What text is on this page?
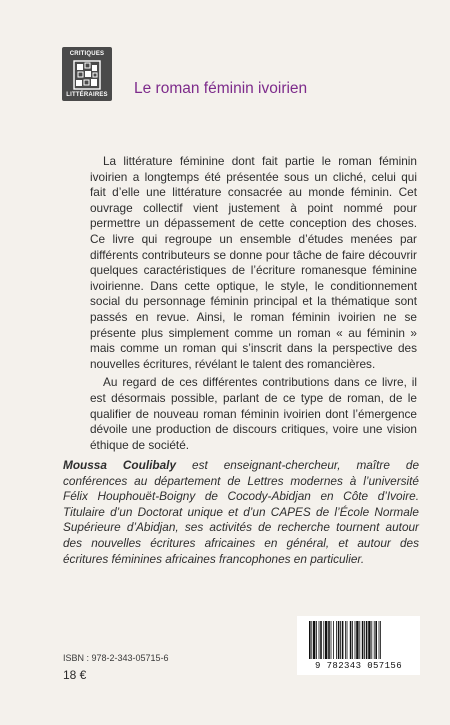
CRITIQUES
LITTÉRAIRES Le roman féminin ivoirien

La littérature féminine dont fait partie le roman féminin ivoirien a longtemps été présentée sous un cliché, celui qui fait d’elle une littérature consacrée au monde féminin. Cet ouvrage collectif vient justement à point nommé pour permettre un dépassement de cette conception des choses. Ce livre qui regroupe un ensemble d’études menées par différents contributeurs se donne pour tâche de faire découvrir quelques caractéristiques de l’écriture romanesque féminine ivoirienne. Dans cette optique, le style, le conditionnement social du personnage féminin principal et la thématique sont passés en revue. Ainsi, le roman féminin ivoirien ne se présente plus simplement comme un roman « au féminin » mais comme un roman qui s’inscrit dans la perspective des nouvelles écritures, révélant le talent des romancières.

Au regard de ces différentes contributions dans ce livre, il est désormais possible, parlant de ce type de roman, de le qualifier de nouveau roman féminin ivoirien dont l’émergence dévoile une production de discours critiques, voire une vision éthique de société.

Moussa Coulibaly est enseignant-chercheur, maître de conférences au département de Lettres modernes à l’université Félix Houphouët-Boigny de Cocody-Abidjan en Côte d’Ivoire. Titulaire d’un Doctorat unique et d’un CAPES de l’École Normale Supérieure d’Abidjan, ses activités de recherche tournent autour des nouvelles écritures africaines en général, et autour des écritures féminines africaines francophones en particulier.
ISBN : 978-2-343-05715-6
18 €
9 782343 057156
